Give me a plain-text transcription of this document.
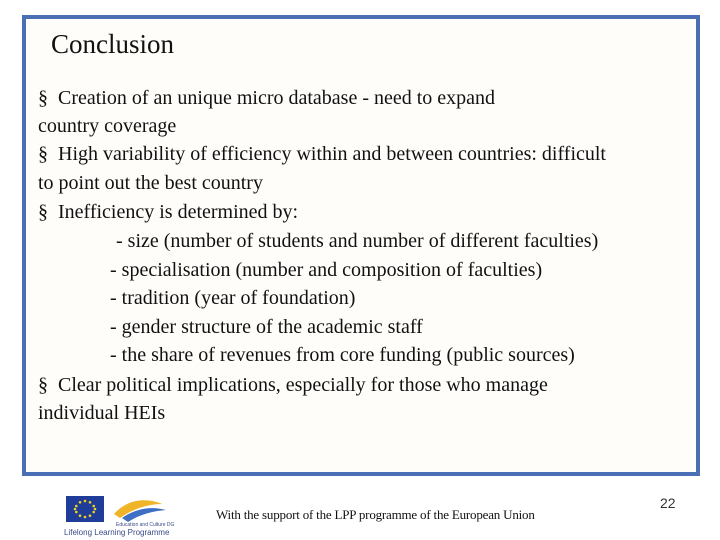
Conclusion
§ Creation of an unique micro database - need to expand
country coverage
§ High variability of efficiency within and between countries: difficult
to point out the best country
§ Inefficiency is determined by:
- size (number of students and number of different faculties)
- specialisation (number and composition of faculties)
- tradition (year of foundation)
- gender structure of the academic staff
- the share of revenues from core funding (public sources)
§ Clear political implications, especially for those who manage
individual HEIs
Education and Culture DG
Lifelong Learning Programme
With the support of the LPP programme of the European Union
22
